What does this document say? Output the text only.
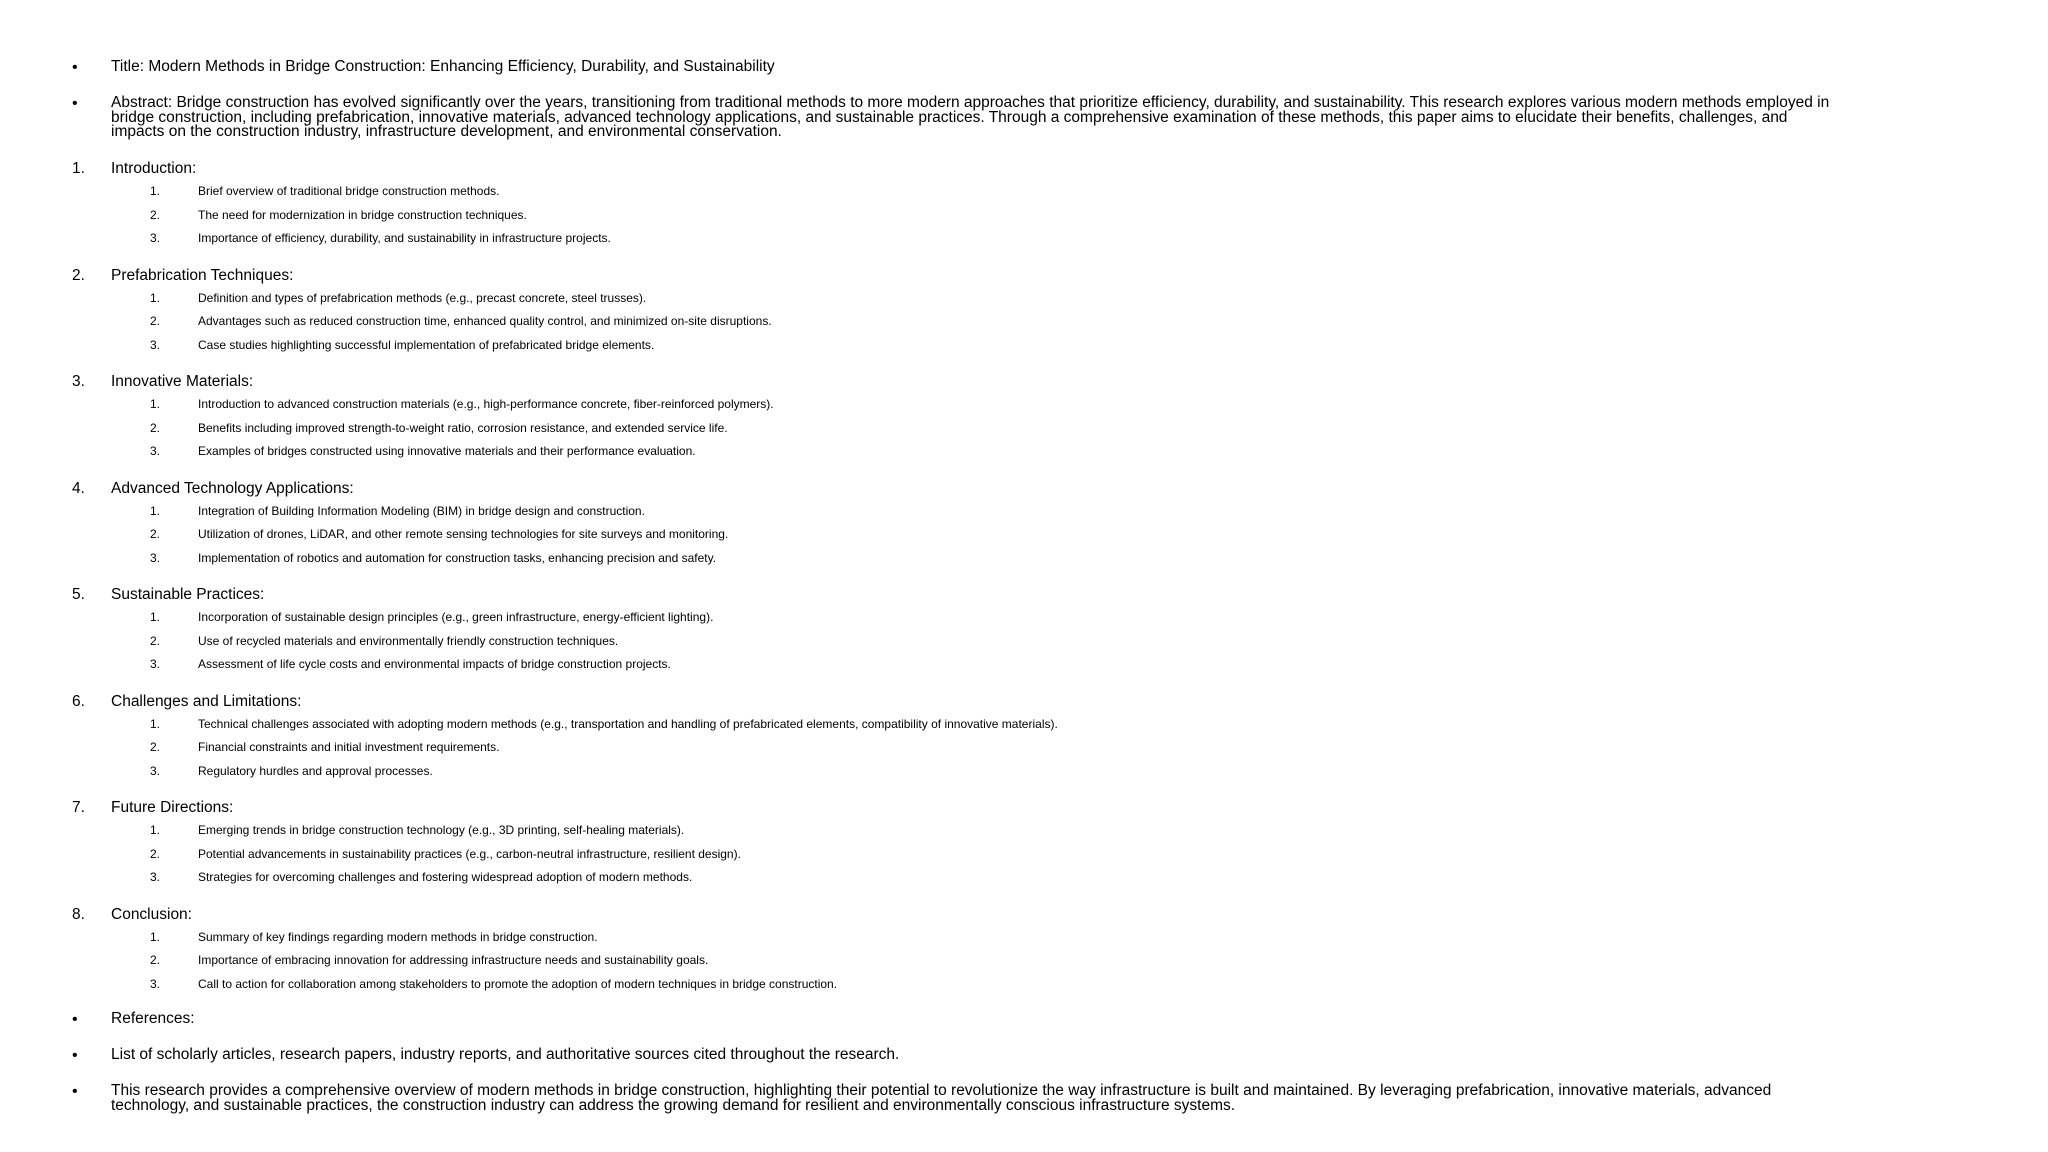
• Title: Modern Methods in Bridge Construction: Enhancing Efficiency, Durability, and Sustainability
• Abstract: Bridge construction has evolved significantly over the years, transitioning from traditional methods to more modern approaches that prioritize efficiency, durability, and sustainability. This research explores various modern methods employed in bridge construction, including prefabrication, innovative materials, advanced technology applications, and sustainable practices. Through a comprehensive examination of these methods, this paper aims to elucidate their benefits, challenges, and impacts on the construction industry, infrastructure development, and environmental conservation.
1. Introduction:
1.	Brief overview of traditional bridge construction methods.
2.	The need for modernization in bridge construction techniques.
3.	Importance of efficiency, durability, and sustainability in infrastructure projects.
2. Prefabrication Techniques:
1.	Definition and types of prefabrication methods (e.g., precast concrete, steel trusses).
2.	Advantages such as reduced construction time, enhanced quality control, and minimized on-site disruptions.
3.	Case studies highlighting successful implementation of prefabricated bridge elements.
3. Innovative Materials:
1.	Introduction to advanced construction materials (e.g., high-performance concrete, fiber-reinforced polymers).
2.	Benefits including improved strength-to-weight ratio, corrosion resistance, and extended service life.
3.	Examples of bridges constructed using innovative materials and their performance evaluation.
4. Advanced Technology Applications:
1.	Integration of Building Information Modeling (BIM) in bridge design and construction.
2.	Utilization of drones, LiDAR, and other remote sensing technologies for site surveys and monitoring.
3.	Implementation of robotics and automation for construction tasks, enhancing precision and safety.
5. Sustainable Practices:
1.	Incorporation of sustainable design principles (e.g., green infrastructure, energy-efficient lighting).
2.	Use of recycled materials and environmentally friendly construction techniques.
3.	Assessment of life cycle costs and environmental impacts of bridge construction projects.
6. Challenges and Limitations:
1.	Technical challenges associated with adopting modern methods (e.g., transportation and handling of prefabricated elements, compatibility of innovative materials).
2.	Financial constraints and initial investment requirements.
3.	Regulatory hurdles and approval processes.
7. Future Directions:
1.	Emerging trends in bridge construction technology (e.g., 3D printing, self-healing materials).
2.	Potential advancements in sustainability practices (e.g., carbon-neutral infrastructure, resilient design).
3.	Strategies for overcoming challenges and fostering widespread adoption of modern methods.
8. Conclusion:
1.	Summary of key findings regarding modern methods in bridge construction.
2.	Importance of embracing innovation for addressing infrastructure needs and sustainability goals.
3.	Call to action for collaboration among stakeholders to promote the adoption of modern techniques in bridge construction.
• References:
• List of scholarly articles, research papers, industry reports, and authoritative sources cited throughout the research.
• This research provides a comprehensive overview of modern methods in bridge construction, highlighting their potential to revolutionize the way infrastructure is built and maintained. By leveraging prefabrication, innovative materials, advanced technology, and sustainable practices, the construction industry can address the growing demand for resilient and environmentally conscious infrastructure systems.
